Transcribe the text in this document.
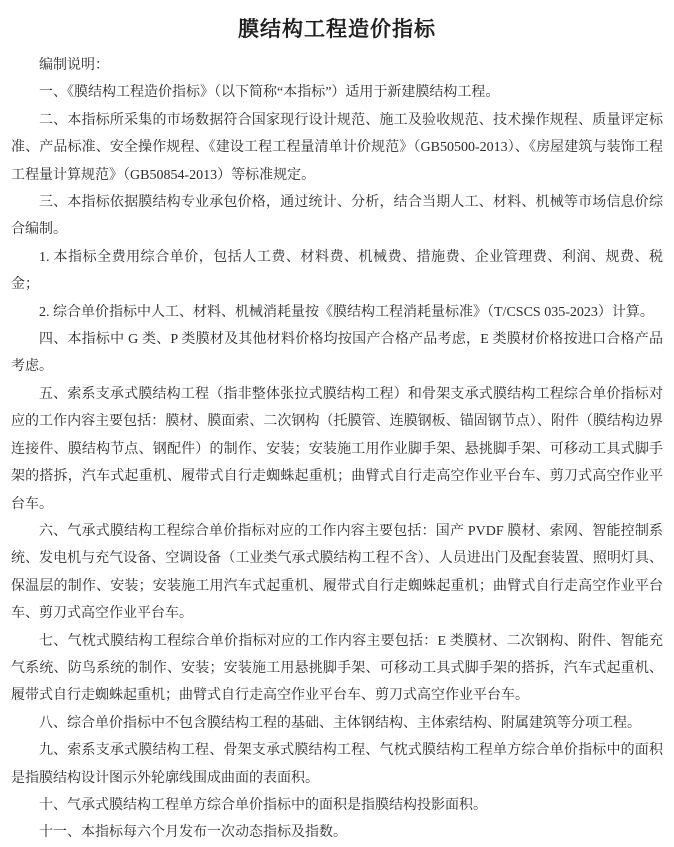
膜结构工程造价指标

编制说明：

一、《膜结构工程造价指标》（以下简称“本指标”）适用于新建膜结构工程。

二、本指标所采集的市场数据符合国家现行设计规范、施工及验收规范、技术操作规程、质量评定标准、产品标准、安全操作规程、《建设工程工程量清单计价规范》（GB50500-2013）、《房屋建筑与装饰工程工程量计算规范》（GB50854-2013）等标准规定。

三、本指标依据膜结构专业承包价格，通过统计、分析，结合当期人工、材料、机械等市场信息价综合编制。

1. 本指标全费用综合单价，包括人工费、材料费、机械费、措施费、企业管理费、利润、规费、税金；

2. 综合单价指标中人工、材料、机械消耗量按《膜结构工程消耗量标准》（T/CSCS 035-2023）计算。

四、本指标中 G 类、P 类膜材及其他材料价格均按国产合格产品考虑，E 类膜材价格按进口合格产品考虑。

五、索系支承式膜结构工程（指非整体张拉式膜结构工程）和骨架支承式膜结构工程综合单价指标对应的工作内容主要包括：膜材、膜面索、二次钢构（托膜管、连膜钢板、锚固钢节点）、附件（膜结构边界连接件、膜结构节点、钢配件）的制作、安装；安装施工用作业脚手架、悬挑脚手架、可移动工具式脚手架的搭拆，汽车式起重机、履带式自行走蜘蛛起重机；曲臂式自行走高空作业平台车、剪刀式高空作业平台车。

六、气承式膜结构工程综合单价指标对应的工作内容主要包括：国产 PVDF 膜材、索网、智能控制系统、发电机与充气设备、空调设备（工业类气承式膜结构工程不含）、人员进出门及配套装置、照明灯具、保温层的制作、安装；安装施工用汽车式起重机、履带式自行走蜘蛛起重机；曲臂式自行走高空作业平台车、剪刀式高空作业平台车。

七、气枕式膜结构工程综合单价指标对应的工作内容主要包括：E 类膜材、二次钢构、附件、智能充气系统、防鸟系统的制作、安装；安装施工用悬挑脚手架、可移动工具式脚手架的搭拆，汽车式起重机、履带式自行走蜘蛛起重机；曲臂式自行走高空作业平台车、剪刀式高空作业平台车。

八、综合单价指标中不包含膜结构工程的基础、主体钢结构、主体索结构、附属建筑等分项工程。

九、索系支承式膜结构工程、骨架支承式膜结构工程、气枕式膜结构工程单方综合单价指标中的面积是指膜结构设计图示外轮廓线围成曲面的表面积。

十、气承式膜结构工程单方综合单价指标中的面积是指膜结构投影面积。

十一、本指标每六个月发布一次动态指标及指数。
